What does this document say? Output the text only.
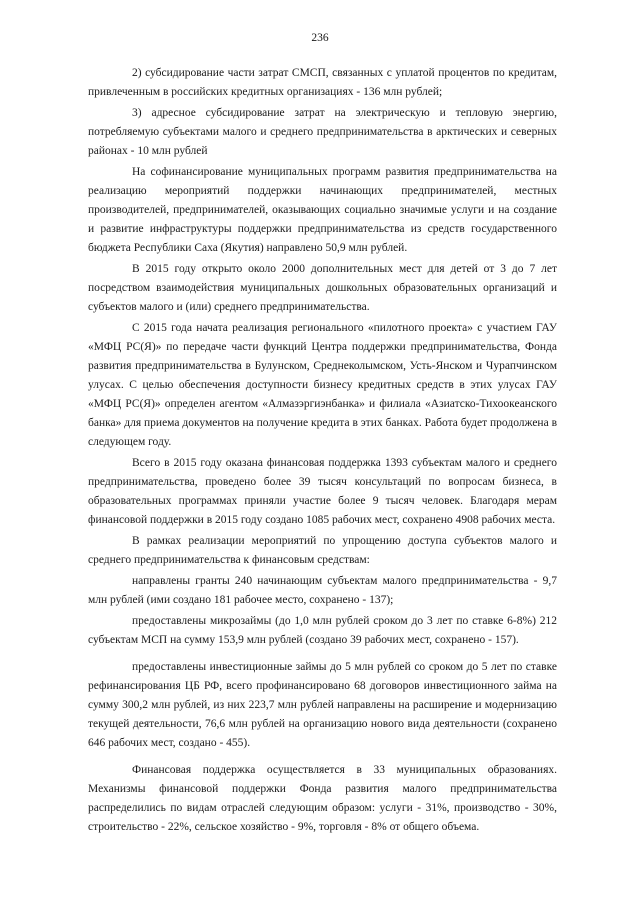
236

2) субсидирование части затрат СМСП, связанных с уплатой процентов по кредитам, привлеченным в российских кредитных организациях - 136 млн рублей;

3) адресное субсидирование затрат на электрическую и тепловую энергию, потребляемую субъектами малого и среднего предпринимательства в арктических и северных районах - 10 млн рублей

На софинансирование муниципальных программ развития предпринимательства на реализацию мероприятий поддержки начинающих предпринимателей, местных производителей, предпринимателей, оказывающих социально значимые услуги и на создание и развитие инфраструктуры поддержки предпринимательства из средств государственного бюджета Республики Саха (Якутия) направлено 50,9 млн рублей.

В 2015 году открыто около 2000 дополнительных мест для детей от 3 до 7 лет посредством взаимодействия муниципальных дошкольных образовательных организаций и субъектов малого и (или) среднего предпринимательства.

С 2015 года начата реализация регионального «пилотного проекта» с участием ГАУ «МФЦ РС(Я)» по передаче части функций Центра поддержки предпринимательства, Фонда развития предпринимательства в Булунском, Среднеколымском, Усть-Янском и Чурапчинском улусах. С целью обеспечения доступности бизнесу кредитных средств в этих улусах ГАУ «МФЦ РС(Я)» определен агентом «Алмазэргиэнбанка» и филиала «Азиатско-Тихоокеанского банка» для приема документов на получение кредита в этих банках. Работа будет продолжена в следующем году.

Всего в 2015 году оказана финансовая поддержка 1393 субъектам малого и среднего предпринимательства, проведено более 39 тысяч консультаций по вопросам бизнеса, в образовательных программах приняли участие более 9 тысяч человек. Благодаря мерам финансовой поддержки в 2015 году создано 1085 рабочих мест, сохранено 4908 рабочих места.

В рамках реализации мероприятий по упрощению доступа субъектов малого и среднего предпринимательства к финансовым средствам:

направлены гранты 240 начинающим субъектам малого предпринимательства - 9,7 млн рублей (ими создано 181 рабочее место, сохранено - 137);

предоставлены микрозаймы (до 1,0 млн рублей сроком до 3 лет по ставке 6-8%) 212 субъектам МСП на сумму 153,9 млн рублей (создано 39 рабочих мест, сохранено - 157).

предоставлены инвестиционные займы до 5 млн рублей со сроком до 5 лет по ставке рефинансирования ЦБ РФ, всего профинансировано 68 договоров инвестиционного займа на сумму 300,2 млн рублей, из них 223,7 млн рублей направлены на расширение и модернизацию текущей деятельности, 76,6 млн рублей на организацию нового вида деятельности (сохранено 646 рабочих мест, создано - 455).

Финансовая поддержка осуществляется в 33 муниципальных образованиях. Механизмы финансовой поддержки Фонда развития малого предпринимательства распределились по видам отраслей следующим образом: услуги - 31%, производство - 30%, строительство - 22%, сельское хозяйство - 9%, торговля - 8% от общего объема.
